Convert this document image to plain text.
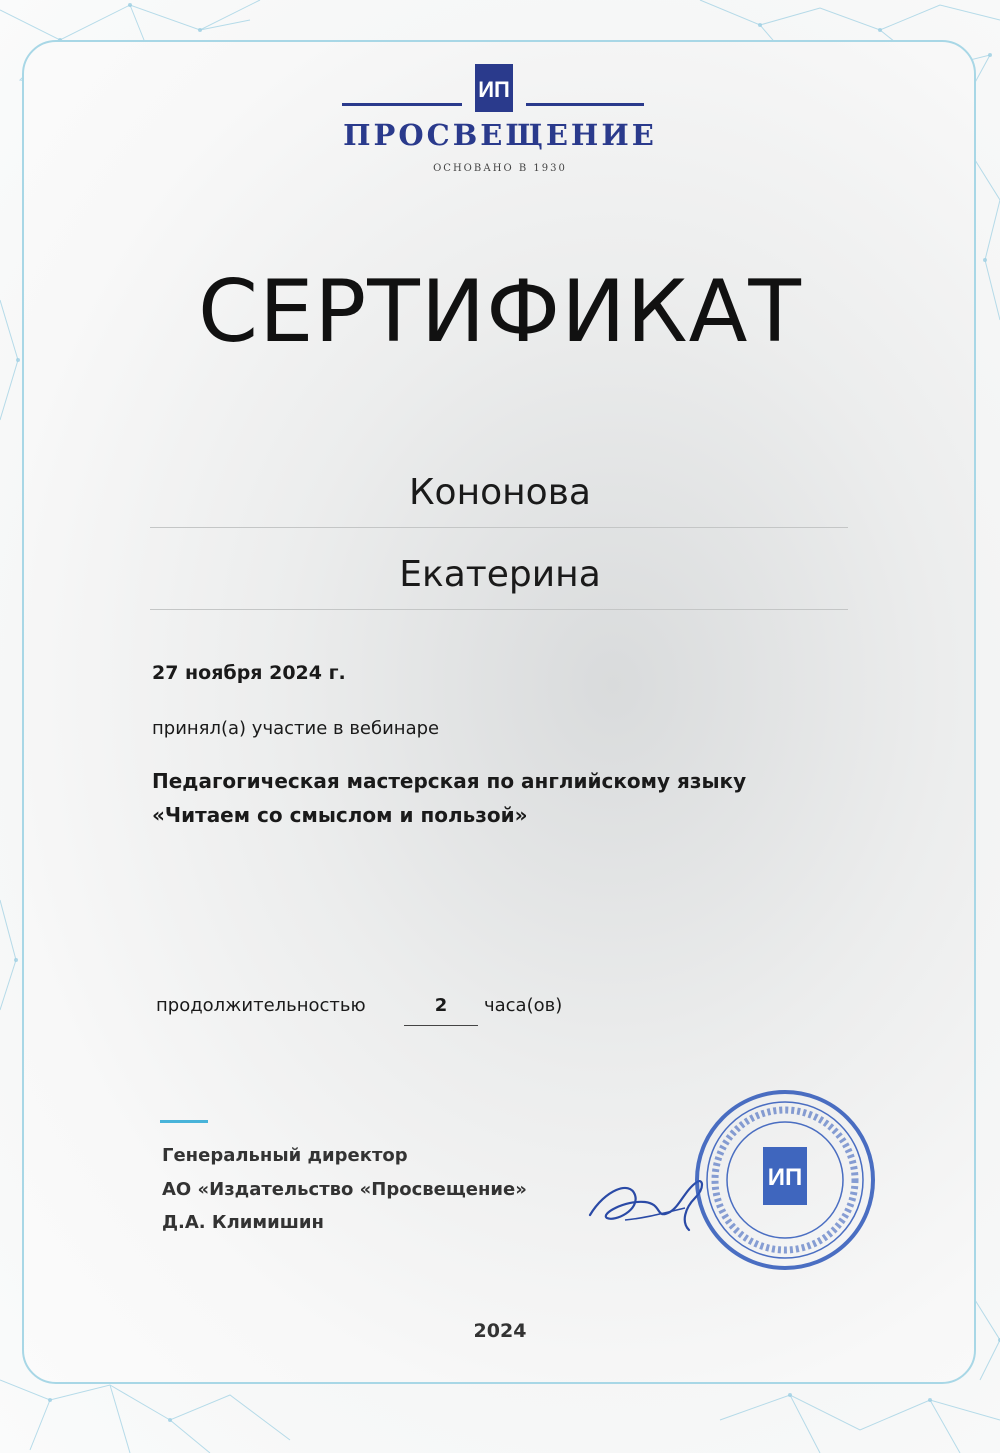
ИП
ПРОСВЕЩЕНИЕ
ОСНОВАНО В 1930
СЕРТИФИКАТ
Кононова
Екатерина
27 ноября 2024 г.
принял(а) участие в вебинаре
Педагогическая мастерская по английскому языку
«Читаем со смыслом и пользой»
продолжительностью	2	часа(ов)
Генеральный директор
АО «Издательство «Просвещение»
Д.А. Климишин
ИП
2024
